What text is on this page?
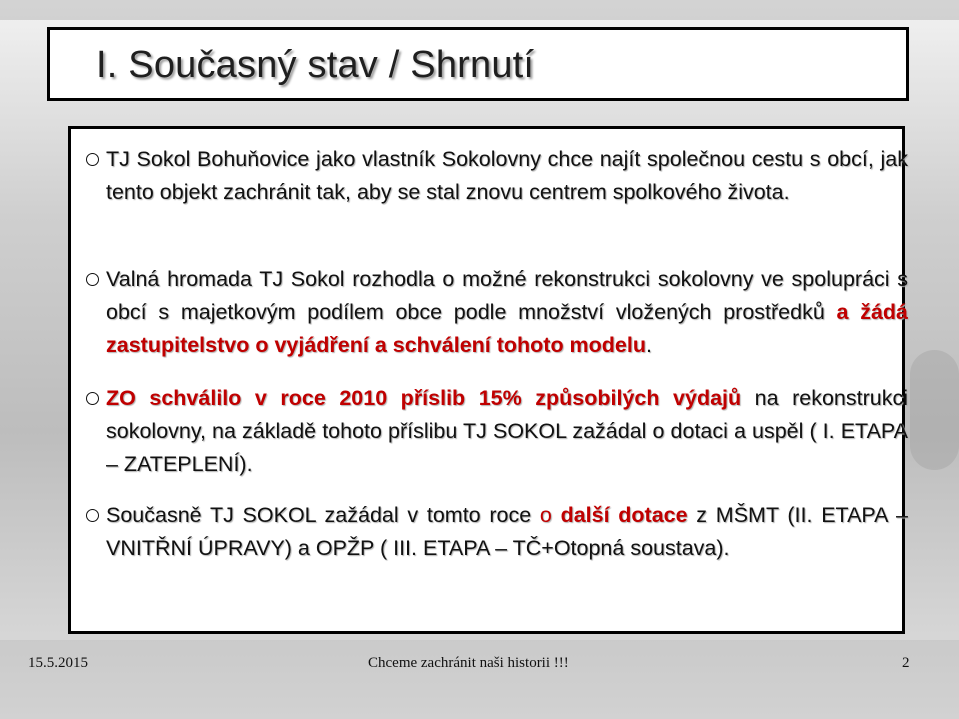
I. Současný stav / Shrnutí
TJ Sokol Bohuňovice jako vlastník Sokolovny chce najít společnou cestu s obcí, jak tento objekt zachránit tak, aby se stal znovu centrem spolkového života.
Valná hromada TJ Sokol rozhodla o možné rekonstrukci sokolovny ve spolupráci s obcí s majetkovým podílem obce podle množství vložených prostředků a žádá zastupitelstvo o vyjádření a schválení tohoto modelu.
ZO schválilo v roce 2010 příslib 15% způsobilých výdajů na rekonstrukci sokolovny, na základě tohoto příslibu TJ SOKOL zažádal o dotaci a uspěl ( I. ETAPA – ZATEPLENÍ).
Současně TJ SOKOL zažádal v tomto roce o další dotace z MŠMT (II. ETAPA – VNITŘNÍ ÚPRAVY) a OPŽP ( III. ETAPA – TČ+Otopná soustava).
15.5.2015	Chceme zachránit naši historii !!!	2
